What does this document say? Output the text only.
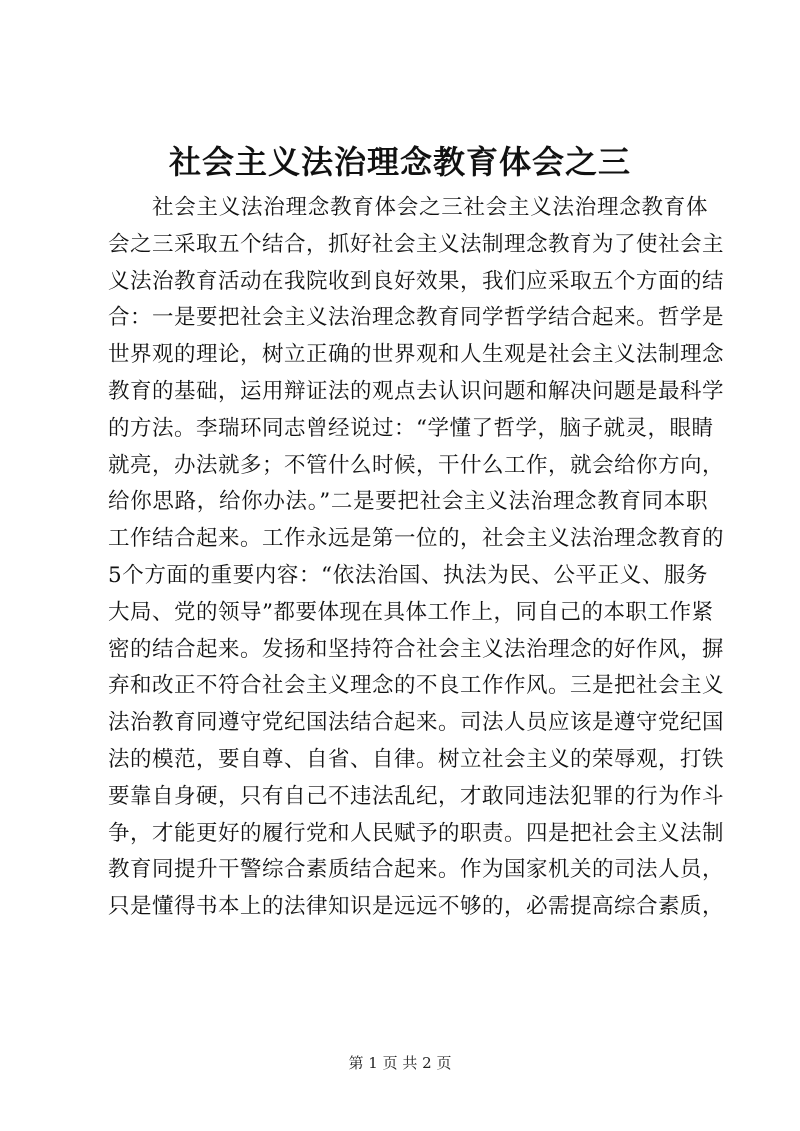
社会主义法治理念教育体会之三
社会主义法治理念教育体会之三社会主义法治理念教育体
会之三采取五个结合，抓好社会主义法制理念教育为了使社会主
义法治教育活动在我院收到良好效果，我们应采取五个方面的结
合：一是要把社会主义法治理念教育同学哲学结合起来。哲学是
世界观的理论，树立正确的世界观和人生观是社会主义法制理念
教育的基础，运用辩证法的观点去认识问题和解决问题是最科学
的方法。李瑞环同志曾经说过：“学懂了哲学，脑子就灵，眼睛
就亮，办法就多；不管什么时候，干什么工作，就会给你方向，
给你思路，给你办法。”二是要把社会主义法治理念教育同本职
工作结合起来。工作永远是第一位的，社会主义法治理念教育的
5个方面的重要内容：“依法治国、执法为民、公平正义、服务
大局、党的领导”都要体现在具体工作上，同自己的本职工作紧
密的结合起来。发扬和坚持符合社会主义法治理念的好作风，摒
弃和改正不符合社会主义理念的不良工作作风。三是把社会主义
法治教育同遵守党纪国法结合起来。司法人员应该是遵守党纪国
法的模范，要自尊、自省、自律。树立社会主义的荣辱观，打铁
要靠自身硬，只有自己不违法乱纪，才敢同违法犯罪的行为作斗
争，才能更好的履行党和人民赋予的职责。四是把社会主义法制
教育同提升干警综合素质结合起来。作为国家机关的司法人员，
只是懂得书本上的法律知识是远远不够的，必需提高综合素质，
第 1 页 共 2 页
